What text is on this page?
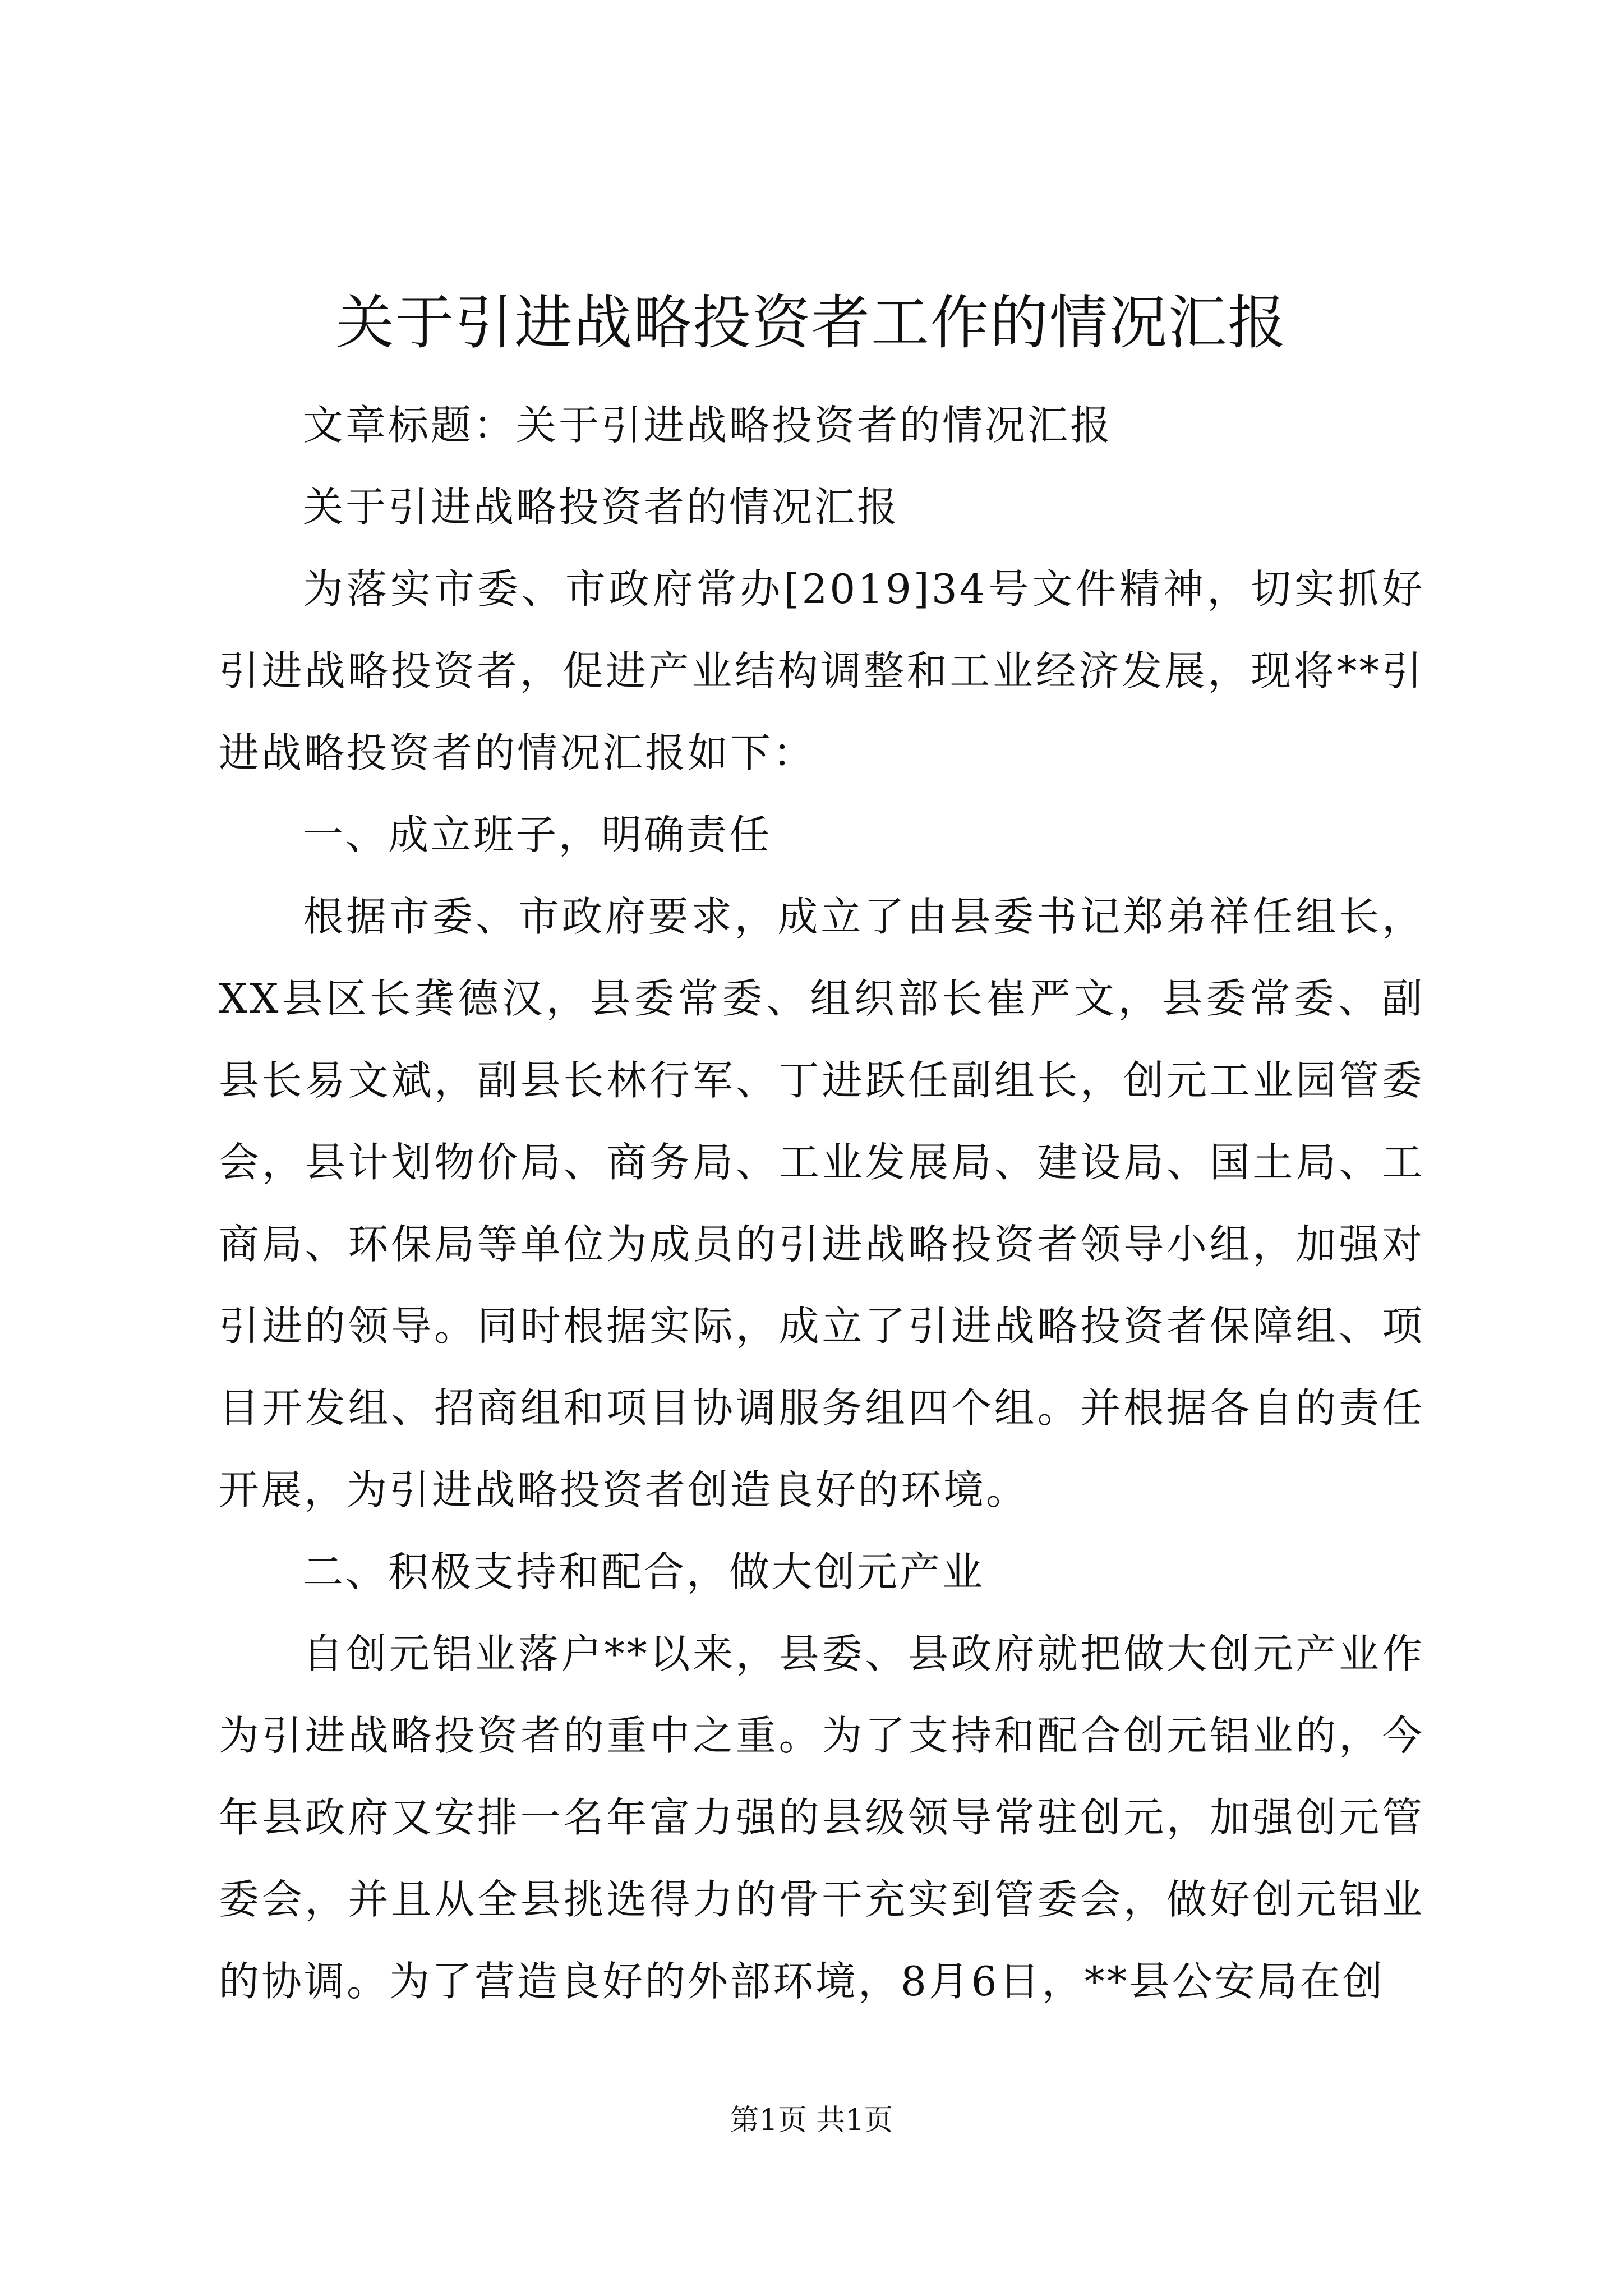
关于引进战略投资者工作的情况汇报

文章标题：关于引进战略投资者的情况汇报

关于引进战略投资者的情况汇报

为落实市委、市政府常办[2019]34号文件精神，切实抓好引进战略投资者，促进产业结构调整和工业经济发展，现将**引进战略投资者的情况汇报如下：

一、成立班子，明确责任

根据市委、市政府要求，成立了由县委书记郑弟祥任组长，XX县区长龚德汉，县委常委、组织部长崔严文，县委常委、副县长易文斌，副县长林行军、丁进跃任副组长，创元工业园管委会，县计划物价局、商务局、工业发展局、建设局、国土局、工商局、环保局等单位为成员的引进战略投资者领导小组，加强对引进的领导。同时根据实际，成立了引进战略投资者保障组、项目开发组、招商组和项目协调服务组四个组。并根据各自的责任开展，为引进战略投资者创造良好的环境。

二、积极支持和配合，做大创元产业

自创元铝业落户**以来，县委、县政府就把做大创元产业作为引进战略投资者的重中之重。为了支持和配合创元铝业的，今年县政府又安排一名年富力强的县级领导常驻创元，加强创元管委会，并且从全县挑选得力的骨干充实到管委会，做好创元铝业的协调。为了营造良好的外部环境，8月6日，**县公安局在创

第1页 共1页
